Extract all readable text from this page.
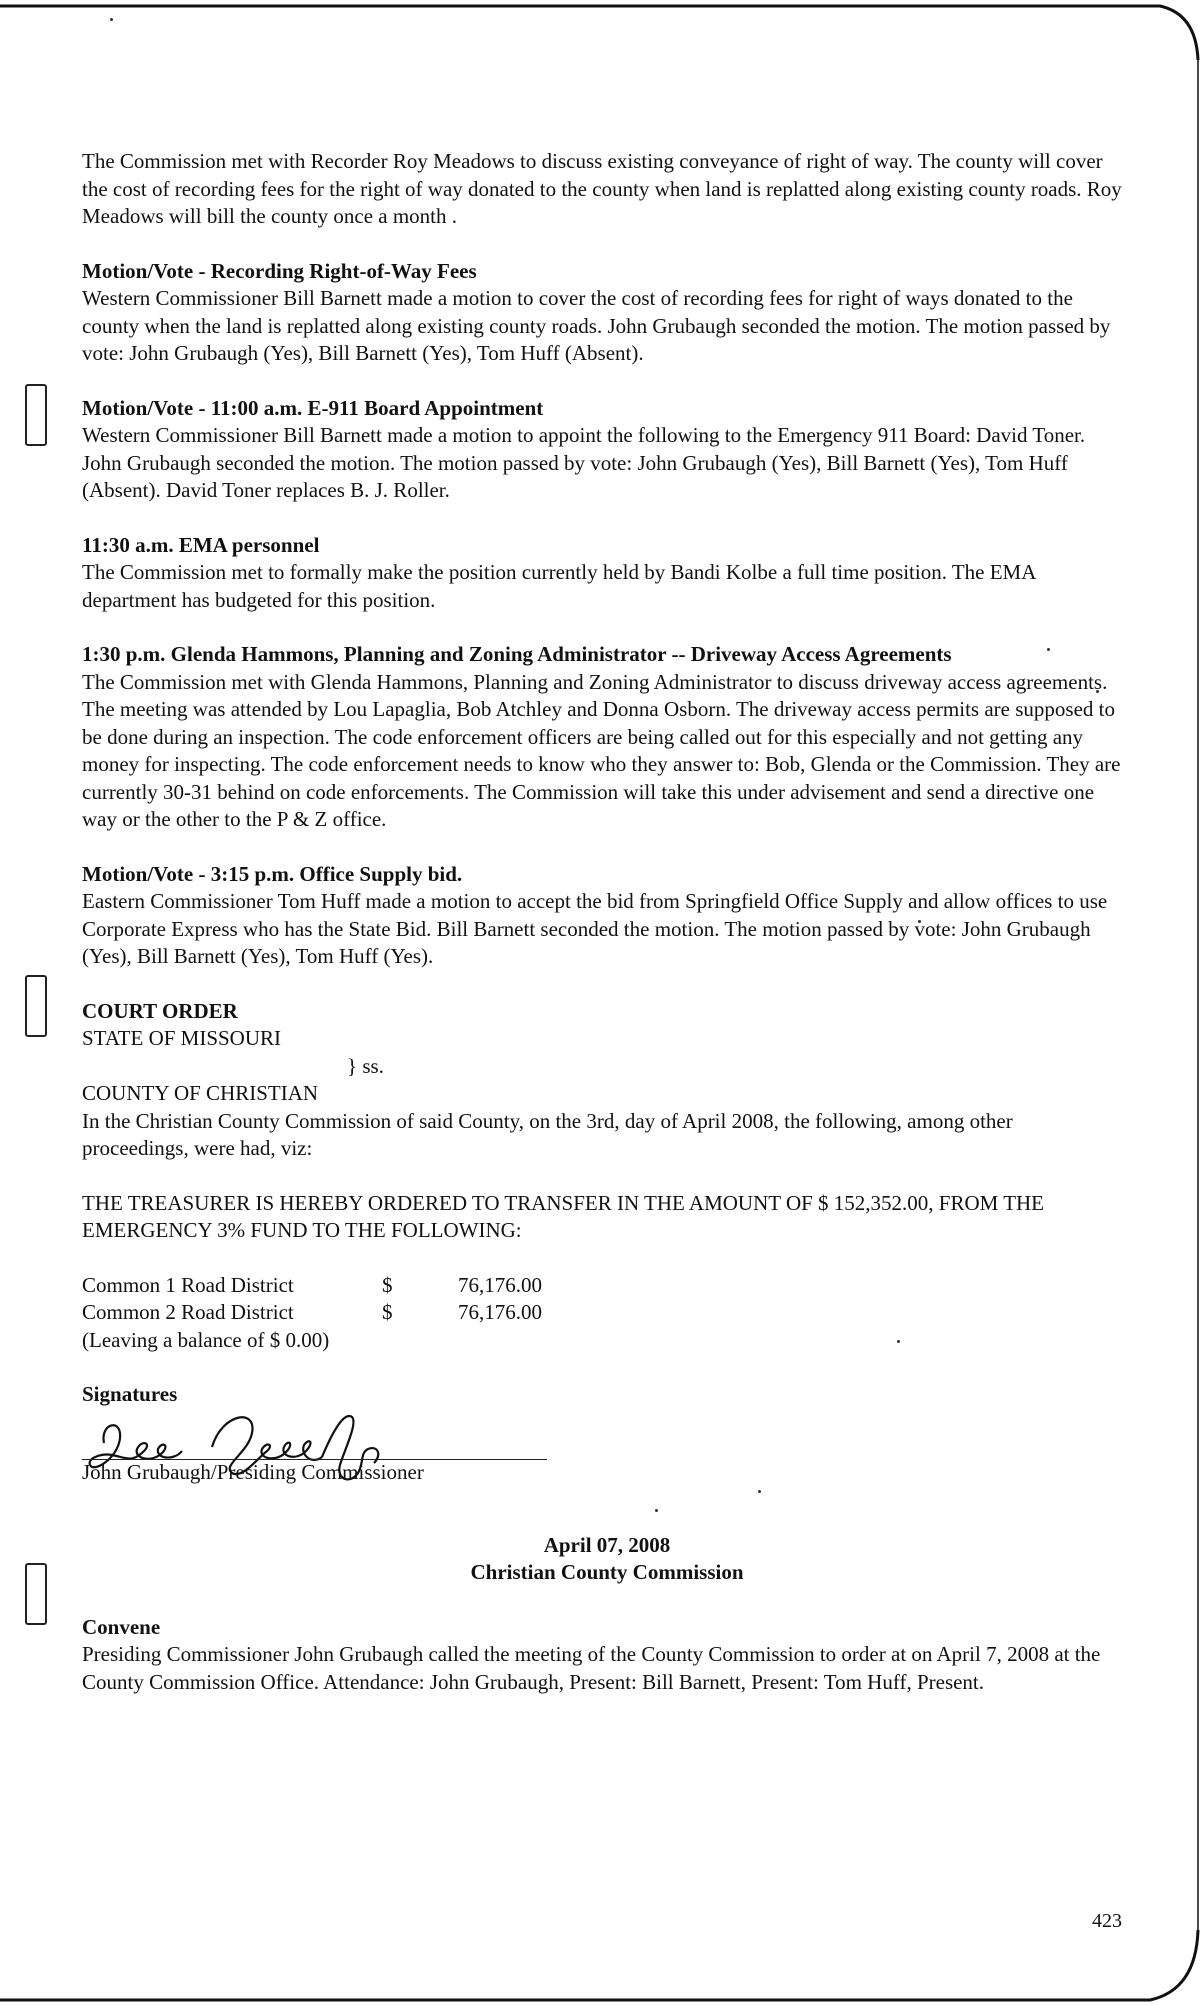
The Commission met with Recorder Roy Meadows to discuss existing conveyance of right of way. The county will cover the cost of recording fees for the right of way donated to the county when land is replatted along existing county roads. Roy Meadows will bill the county once a month .

Motion/Vote - Recording Right-of-Way Fees

Western Commissioner Bill Barnett made a motion to cover the cost of recording fees for right of ways donated to the county when the land is replatted along existing county roads. John Grubaugh seconded the motion. The motion passed by vote: John Grubaugh (Yes), Bill Barnett (Yes), Tom Huff (Absent).

Motion/Vote - 11:00 a.m. E-911 Board Appointment

Western Commissioner Bill Barnett made a motion to appoint the following to the Emergency 911 Board: David Toner. John Grubaugh seconded the motion. The motion passed by vote: John Grubaugh (Yes), Bill Barnett (Yes), Tom Huff (Absent). David Toner replaces B. J. Roller.

11:30 a.m. EMA personnel

The Commission met to formally make the position currently held by Bandi Kolbe a full time position. The EMA department has budgeted for this position.

1:30 p.m. Glenda Hammons, Planning and Zoning Administrator -- Driveway Access Agreements

The Commission met with Glenda Hammons, Planning and Zoning Administrator to discuss driveway access agreements. The meeting was attended by Lou Lapaglia, Bob Atchley and Donna Osborn. The driveway access permits are supposed to be done during an inspection. The code enforcement officers are being called out for this especially and not getting any money for inspecting. The code enforcement needs to know who they answer to: Bob, Glenda or the Commission. They are currently 30-31 behind on code enforcements. The Commission will take this under advisement and send a directive one way or the other to the P & Z office.

Motion/Vote - 3:15 p.m. Office Supply bid.

Eastern Commissioner Tom Huff made a motion to accept the bid from Springfield Office Supply and allow offices to use Corporate Express who has the State Bid. Bill Barnett seconded the motion. The motion passed by vote: John Grubaugh (Yes), Bill Barnett (Yes), Tom Huff (Yes).

COURT ORDER

STATE OF MISSOURI

} ss.

COUNTY OF CHRISTIAN

In the Christian County Commission of said County, on the 3rd, day of April 2008, the following, among other proceedings, were had, viz:

THE TREASURER IS HEREBY ORDERED TO TRANSFER IN THE AMOUNT OF $ 152,352.00, FROM THE EMERGENCY 3% FUND TO THE FOLLOWING:

Common 1 Road District	$	76,176.00
Common 2 Road District	$	76,176.00

(Leaving a balance of $ 0.00)

Signatures

John Grubaugh/Presiding Commissioner

April 07, 2008

Christian County Commission

Convene

Presiding Commissioner John Grubaugh called the meeting of the County Commission to order at on April 7, 2008 at the County Commission Office. Attendance: John Grubaugh, Present: Bill Barnett, Present: Tom Huff, Present.

423
